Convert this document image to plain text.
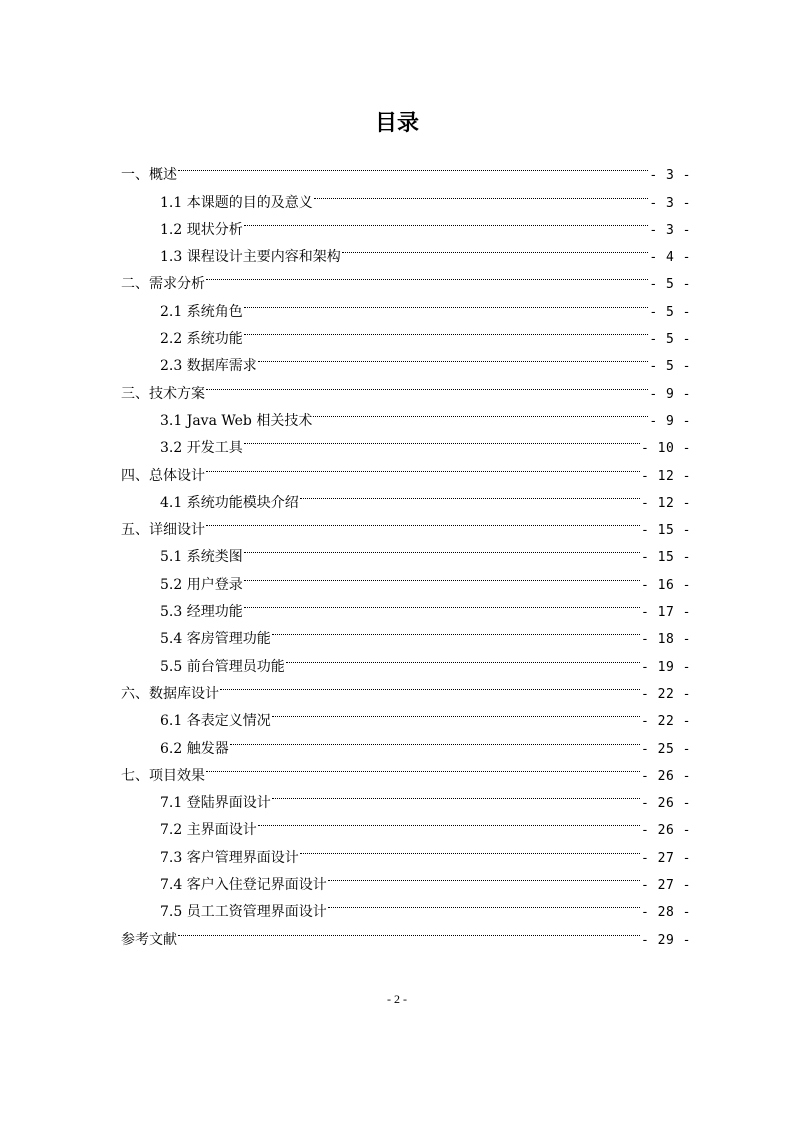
目录
一、概述	- 3 -
1.1 本课题的目的及意义	- 3 -
1.2 现状分析	- 3 -
1.3 课程设计主要内容和架构	- 4 -
二、需求分析	- 5 -
2.1 系统角色	- 5 -
2.2 系统功能	- 5 -
2.3 数据库需求	- 5 -
三、技术方案	- 9 -
3.1 Java Web 相关技术	- 9 -
3.2 开发工具	- 10 -
四、总体设计	- 12 -
4.1 系统功能模块介绍	- 12 -
五、详细设计	- 15 -
5.1 系统类图	- 15 -
5.2 用户登录	- 16 -
5.3 经理功能	- 17 -
5.4 客房管理功能	- 18 -
5.5 前台管理员功能	- 19 -
六、数据库设计	- 22 -
6.1 各表定义情况	- 22 -
6.2 触发器	- 25 -
七、项目效果	- 26 -
7.1 登陆界面设计	- 26 -
7.2 主界面设计	- 26 -
7.3 客户管理界面设计	- 27 -
7.4 客户入住登记界面设计	- 27 -
7.5 员工工资管理界面设计	- 28 -
参考文献	- 29 -
- 2 -
